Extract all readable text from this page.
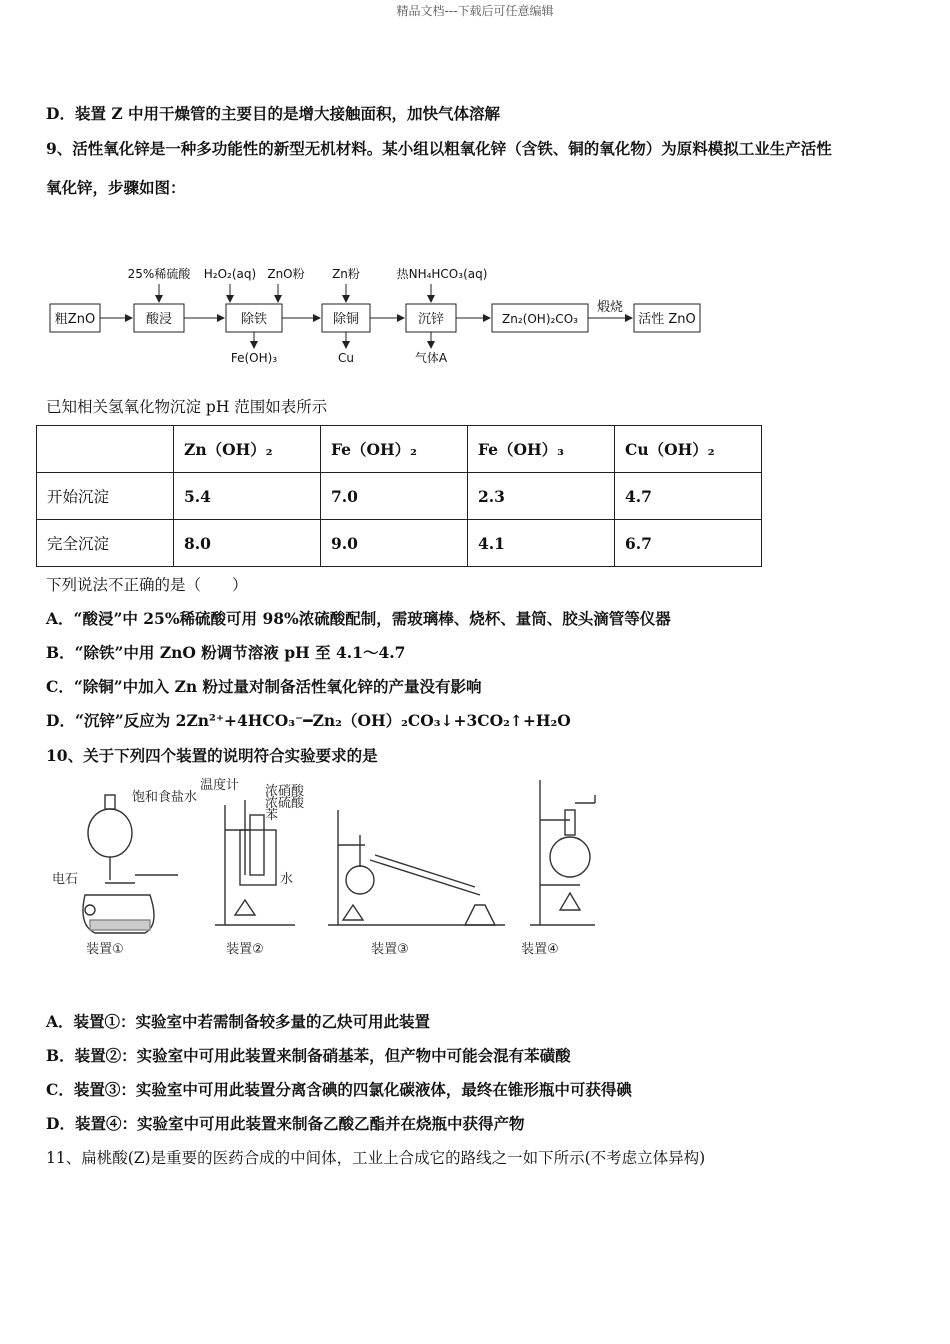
精品文档---下载后可任意编辑
D．装置 Z 中用干燥管的主要目的是增大接触面积，加快气体溶解
9、活性氧化锌是一种多功能性的新型无机材料。某小组以粗氧化锌（含铁、铜的氧化物）为原料模拟工业生产活性
氧化锌，步骤如图：
粗ZnO	酸浸	除铁	除铜	沉锌	Zn₂(OH)₂CO₃	活性 ZnO
煅烧
25%稀硫酸 H₂O₂(aq) ZnO粉 Zn粉	热NH₄HCO₃(aq)
Fe(OH)₃	Cu	气体A
已知相关氢氧化物沉淀 pH 范围如表所示
	Zn（OH）₂	Fe（OH）₂	Fe（OH）₃	Cu（OH）₂
开始沉淀	5.4	7.0	2.3	4.7
完全沉淀	8.0	9.0	4.1	6.7
下列说法不正确的是（　　）
A．“酸浸”中 25%稀硫酸可用 98%浓硫酸配制，需玻璃棒、烧杯、量筒、胶头滴管等仪器
B．“除铁”中用 ZnO 粉调节溶液 pH 至 4.1～4.7
C．“除铜”中加入 Zn 粉过量对制备活性氧化锌的产量没有影响
D．“沉锌”反应为 2Zn²⁺+4HCO₃⁻━Zn₂（OH）₂CO₃↓+3CO₂↑+H₂O
10、关于下列四个装置的说明符合实验要求的是
饱和食盐水
电石
温度计 浓硝酸
浓硫酸
苯
水
装置①	装置②	装置③	装置④
A．装置①：实验室中若需制备较多量的乙炔可用此装置
B．装置②：实验室中可用此装置来制备硝基苯，但产物中可能会混有苯磺酸
C．装置③：实验室中可用此装置分离含碘的四氯化碳液体，最终在锥形瓶中可获得碘
D．装置④：实验室中可用此装置来制备乙酸乙酯并在烧瓶中获得产物
11、扁桃酸(Z)是重要的医药合成的中间体，工业上合成它的路线之一如下所示(不考虑立体异构)
